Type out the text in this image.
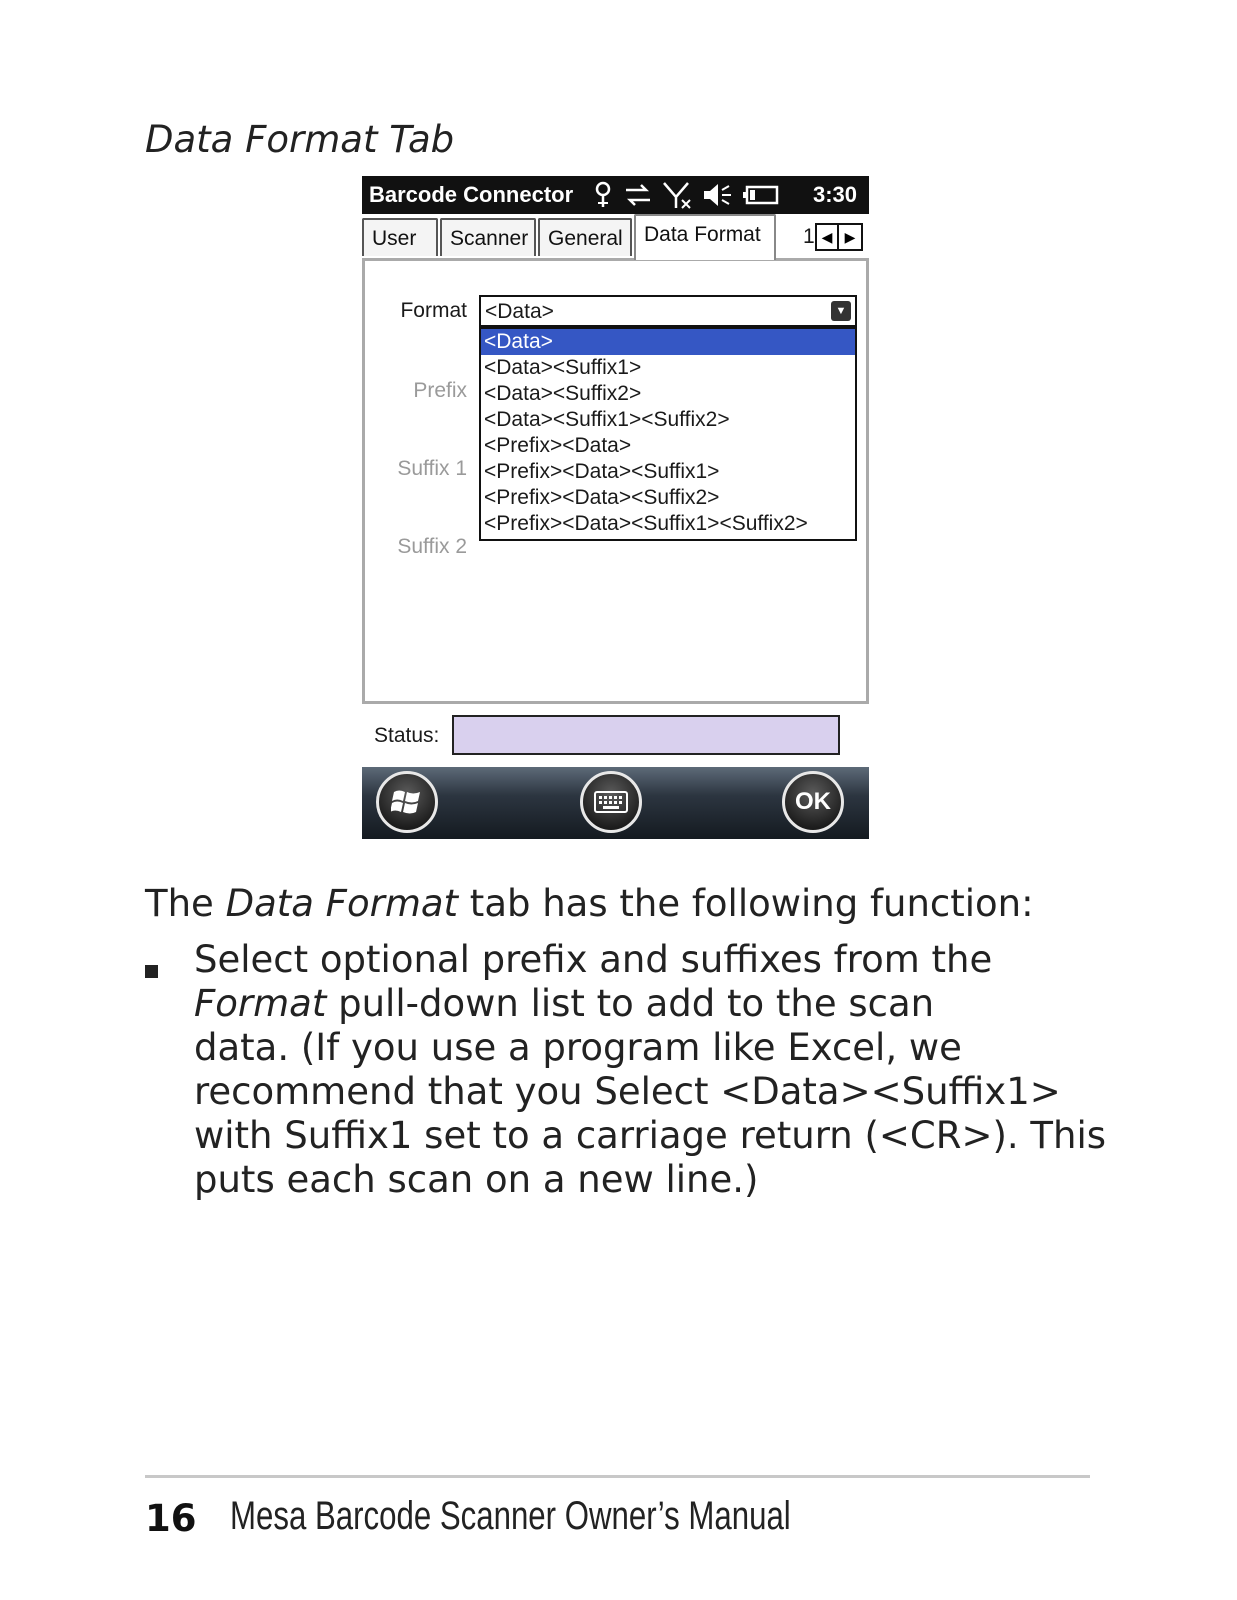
Data Format Tab
Barcode Connector	3:30
User	Scanner General	Data Format	1 ◀ ▶
Format <Data>	▼
<Data>
<Data><Suffix1>
<Data><Suffix2>
<Data><Suffix1><Suffix2>
<Prefix><Data>
<Prefix><Data><Suffix1>
<Prefix><Data><Suffix2>
<Prefix><Data><Suffix1><Suffix2>
Prefix
Suffix 1
Suffix 2
Status:
OK
The Data Format tab has the following function:
Select optional prefix and suffixes from the
Format pull-down list to add to the scan
data. (If you use a program like Excel, we
recommend that you Select <Data><Suffix1>
with Suffix1 set to a carriage return (<CR>). This
puts each scan on a new line.)
16 Mesa Barcode Scanner Owner’s Manual
